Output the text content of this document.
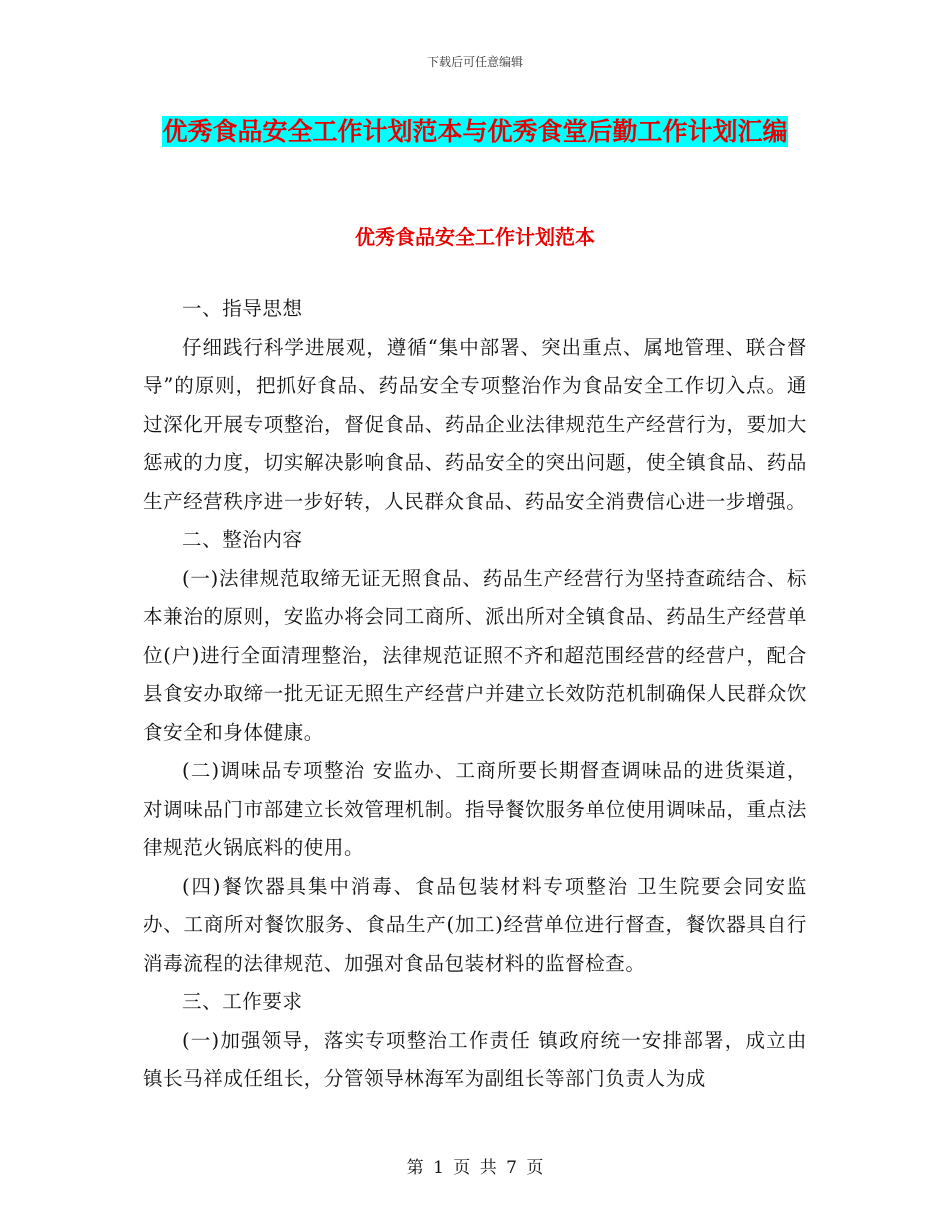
下载后可任意编辑
优秀食品安全工作计划范本与优秀食堂后勤工作计划汇编
优秀食品安全工作计划范本

一、指导思想

仔细践行科学进展观，遵循“集中部署、突出重点、属地管理、联合督导”的原则，把抓好食品、药品安全专项整治作为食品安全工作切入点。通过深化开展专项整治，督促食品、药品企业法律规范生产经营行为，要加大惩戒的力度，切实解决影响食品、药品安全的突出问题，使全镇食品、药品生产经营秩序进一步好转，人民群众食品、药品安全消费信心进一步增强。

二、整治内容

(一)法律规范取缔无证无照食品、药品生产经营行为坚持查疏结合、标本兼治的原则，安监办将会同工商所、派出所对全镇食品、药品生产经营单位(户)进行全面清理整治，法律规范证照不齐和超范围经营的经营户，配合县食安办取缔一批无证无照生产经营户并建立长效防范机制确保人民群众饮食安全和身体健康。

(二)调味品专项整治 安监办、工商所要长期督查调味品的进货渠道，对调味品门市部建立长效管理机制。指导餐饮服务单位使用调味品，重点法律规范火锅底料的使用。

(四)餐饮器具集中消毒、食品包装材料专项整治 卫生院要会同安监办、工商所对餐饮服务、食品生产(加工)经营单位进行督查，餐饮器具自行消毒流程的法律规范、加强对食品包装材料的监督检查。

三、工作要求

(一)加强领导，落实专项整治工作责任 镇政府统一安排部署，成立由镇长马祥成任组长，分管领导林海军为副组长等部门负责人为成

第 1 页 共 7 页
